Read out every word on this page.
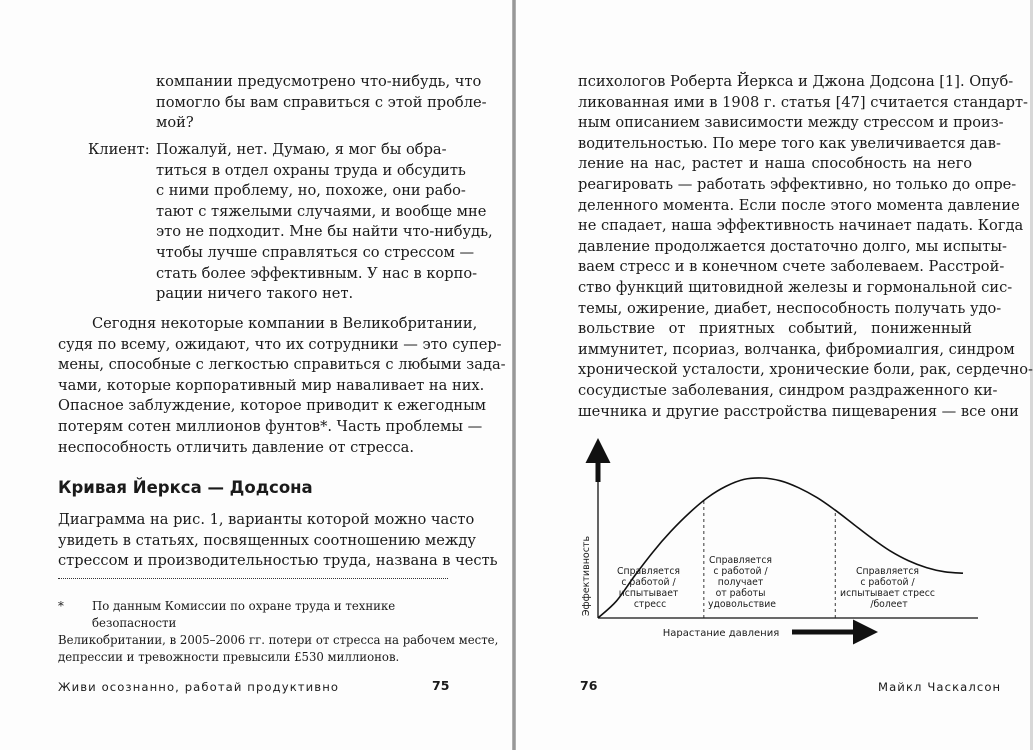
компании предусмотрено что-нибудь, что
помогло бы вам справиться с этой пробле-
мой?

Клиент: Пожалуй, нет. Думаю, я мог бы обра-
титься в отдел охраны труда и обсудить
с ними проблему, но, похоже, они рабо-
тают с тяжелыми случаями, и вообще мне
это не подходит. Мне бы найти что-нибудь,
чтобы лучше справляться со стрессом —
стать более эффективным. У нас в корпо-
рации ничего такого нет.

Сегодня некоторые компании в Великобритании,
судя по всему, ожидают, что их сотрудники — это супер-
мены, способные с легкостью справиться с любыми зада-
чами, которые корпоративный мир наваливает на них.
Опасное заблуждение, которое приводит к ежегодным
потерям сотен миллионов фунтов*. Часть проблемы —
неспособность отличить давление от стресса.

Кривая Йеркса — Додсона

Диаграмма на рис. 1, варианты которой можно часто
увидеть в статьях, посвященных соотношению между
стрессом и производительностью труда, названа в честь

*	По данным Комиссии по охране труда и технике безопасности
Великобритании, в 2005–2006 гг. потери от стресса на рабочем месте,
депрессии и тревожности превысили £530 миллионов.
Живи осознанно, работай продуктивно	75

психологов Роберта Йеркса и Джона Додсона [1]. Опуб-
ликованная ими в 1908 г. статья [47] считается стандарт-
ным описанием зависимости между стрессом и произ-
водительностью. По мере того как увеличивается дав-
ление на нас, растет и наша способность на него
реагировать — работать эффективно, но только до опре-
деленного момента. Если после этого момента давление
не спадает, наша эффективность начинает падать. Когда
давление продолжается достаточно долго, мы испыты-
ваем стресс и в конечном счете заболеваем. Расстрой-
ство функций щитовидной железы и гормональной сис-
темы, ожирение, диабет, неспособность получать удо-
вольствие от приятных событий, пониженный
иммунитет, псориаз, волчанка, фибромиалгия, синдром
хронической усталости, хронические боли, рак, сердечно-
сосудистые заболевания, синдром раздраженного ки-
шечника и другие расстройства пищеварения — все они

Эффективность
Нарастание давления
Справляется с работой / испытывает стресс
Справляется с работой / получает от работы удовольствие
Справляется с работой / испытывает стресс /болеет
76	Майкл Часкалсон
